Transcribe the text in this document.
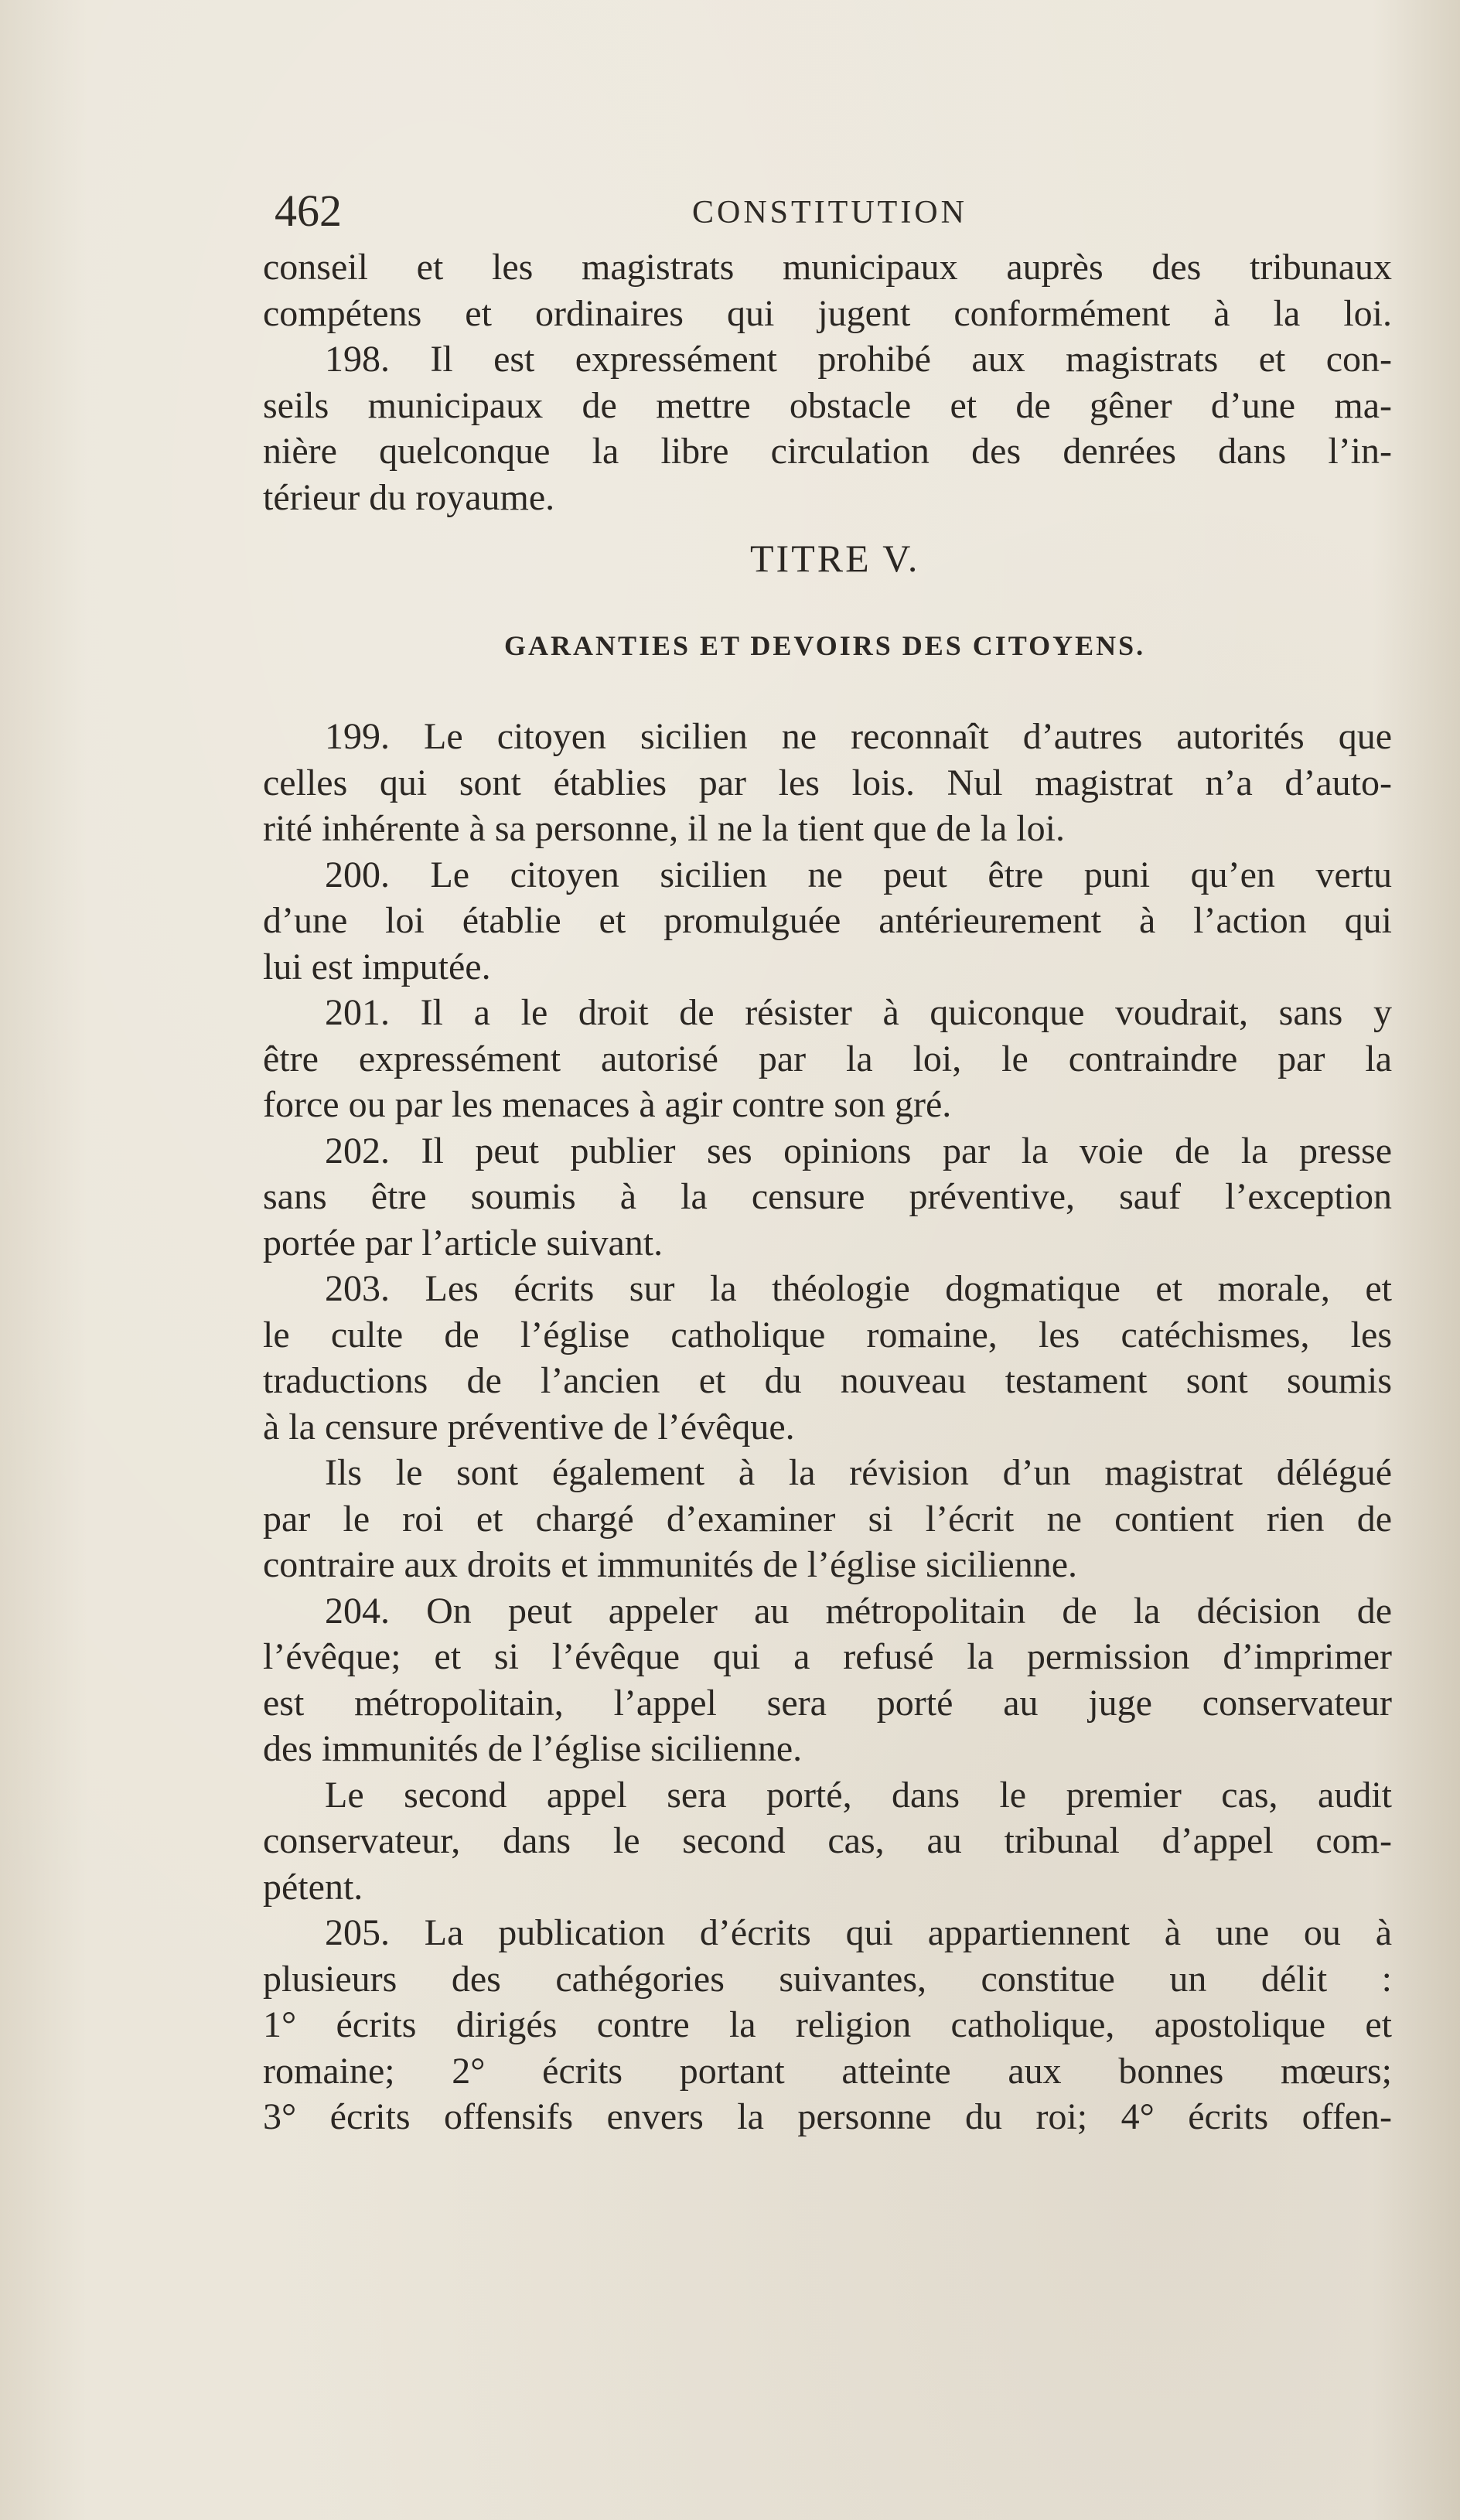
462	CONSTITUTION
conseil et les magistrats municipaux auprès des tribunaux
compétens et ordinaires qui jugent conformément à la loi.
198. Il est expressément prohibé aux magistrats et con-
seils municipaux de mettre obstacle et de gêner d’une ma-
nière quelconque la libre circulation des denrées dans l’in-
térieur du royaume.
TITRE V.
GARANTIES ET DEVOIRS DES CITOYENS.
199. Le citoyen sicilien ne reconnaît d’autres autorités que
celles qui sont établies par les lois. Nul magistrat n’a d’auto-
rité inhérente à sa personne, il ne la tient que de la loi.
200. Le citoyen sicilien ne peut être puni qu’en vertu
d’une loi établie et promulguée antérieurement à l’action qui
lui est imputée.
201. Il a le droit de résister à quiconque voudrait, sans y
être expressément autorisé par la loi, le contraindre par la
force ou par les menaces à agir contre son gré.
202. Il peut publier ses opinions par la voie de la presse
sans être soumis à la censure préventive, sauf l’exception
portée par l’article suivant.
203. Les écrits sur la théologie dogmatique et morale, et
le culte de l’église catholique romaine, les catéchismes, les
traductions de l’ancien et du nouveau testament sont soumis
à la censure préventive de l’évêque.
Ils le sont également à la révision d’un magistrat délégué
par le roi et chargé d’examiner si l’écrit ne contient rien de
contraire aux droits et immunités de l’église sicilienne.
204. On peut appeler au métropolitain de la décision de
l’évêque; et si l’évêque qui a refusé la permission d’imprimer
est métropolitain, l’appel sera porté au juge conservateur
des immunités de l’église sicilienne.
Le second appel sera porté, dans le premier cas, audit
conservateur, dans le second cas, au tribunal d’appel com-
pétent.
205. La publication d’écrits qui appartiennent à une ou à
plusieurs des cathégories suivantes, constitue un délit :
1° écrits dirigés contre la religion catholique, apostolique et
romaine; 2° écrits portant atteinte aux bonnes mœurs;
3° écrits offensifs envers la personne du roi; 4° écrits offen-
